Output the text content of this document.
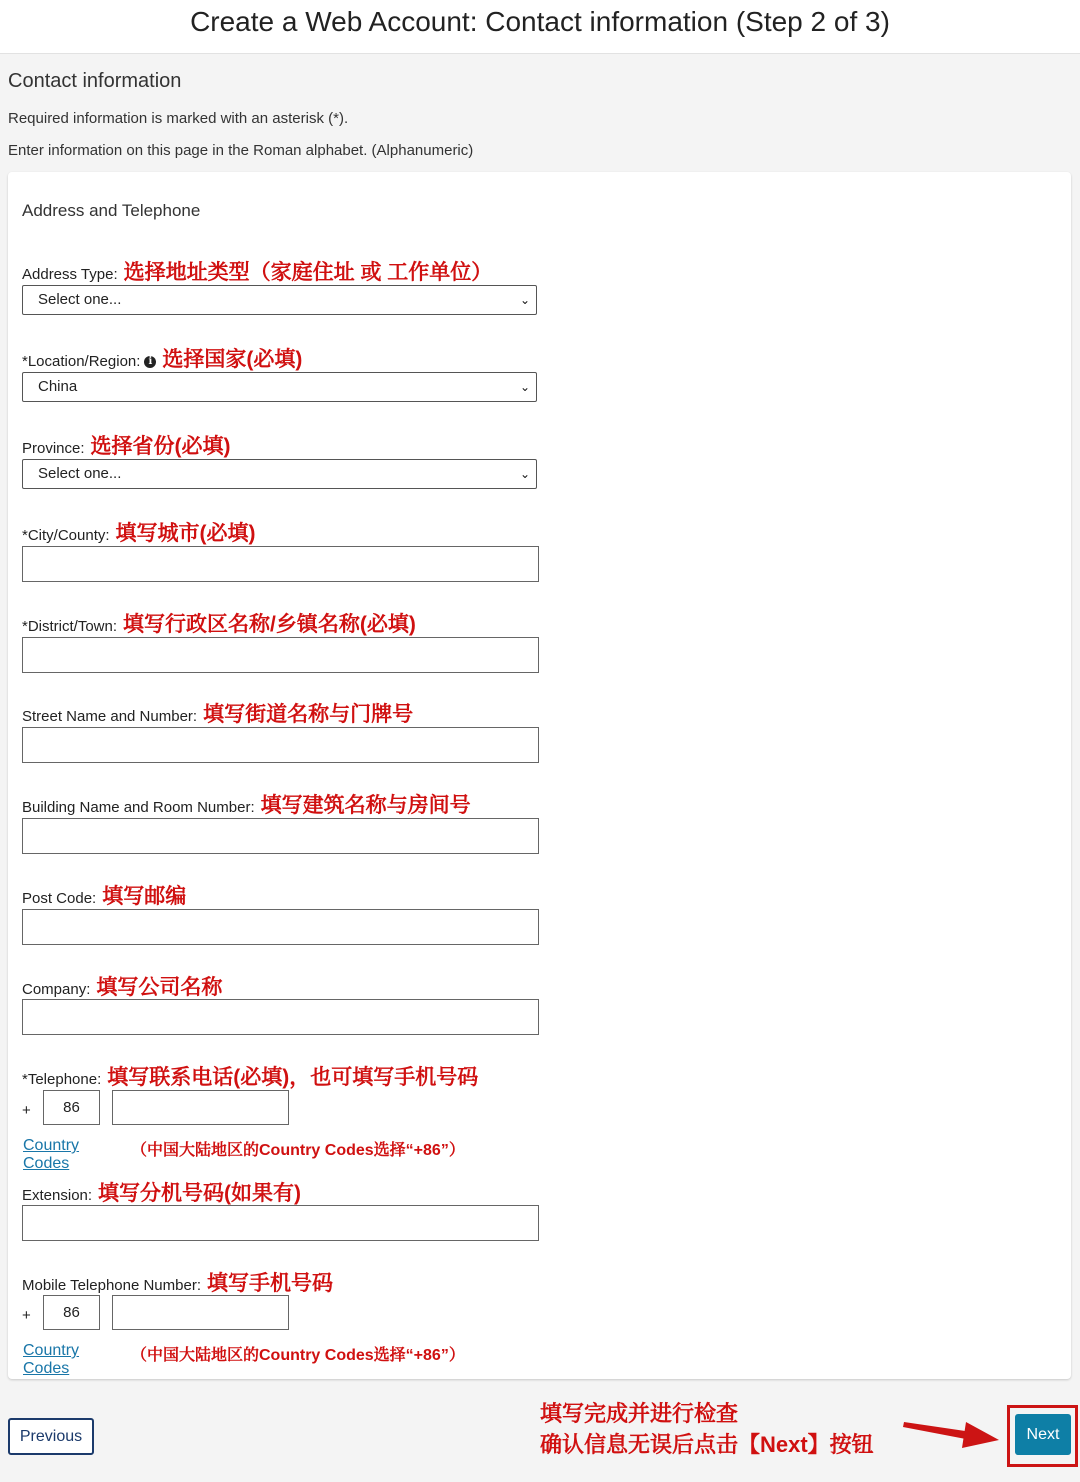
Create a Web Account: Contact information (Step 2 of 3)
Contact information
Required information is marked with an asterisk (*).
Enter information on this page in the Roman alphabet. (Alphanumeric)
Address and Telephone
Address Type: 选择地址类型（家庭住址 或 工作单位）
Select one...	⌄
*Location/Region: i 选择国家(必填)
China	⌄
Province: 选择省份(必填)
Select one...	⌄
*City/County: 填写城市(必填)
*District/Town: 填写行政区名称/乡镇名称(必填)
Street Name and Number: 填写街道名称与门牌号
Building Name and Room Number: 填写建筑名称与房间号
Post Code: 填写邮编
Company: 填写公司名称
*Telephone: 填写联系电话(必填)，也可填写手机号码
+	86
Country Codes
（中国大陆地区的Country Codes选择“+86”）
Extension: 填写分机号码(如果有)
Mobile Telephone Number: 填写手机号码
+	86
Country Codes
（中国大陆地区的Country Codes选择“+86”）
Previous
填写完成并进行检查
确认信息无误后点击【Next】按钮	Next
